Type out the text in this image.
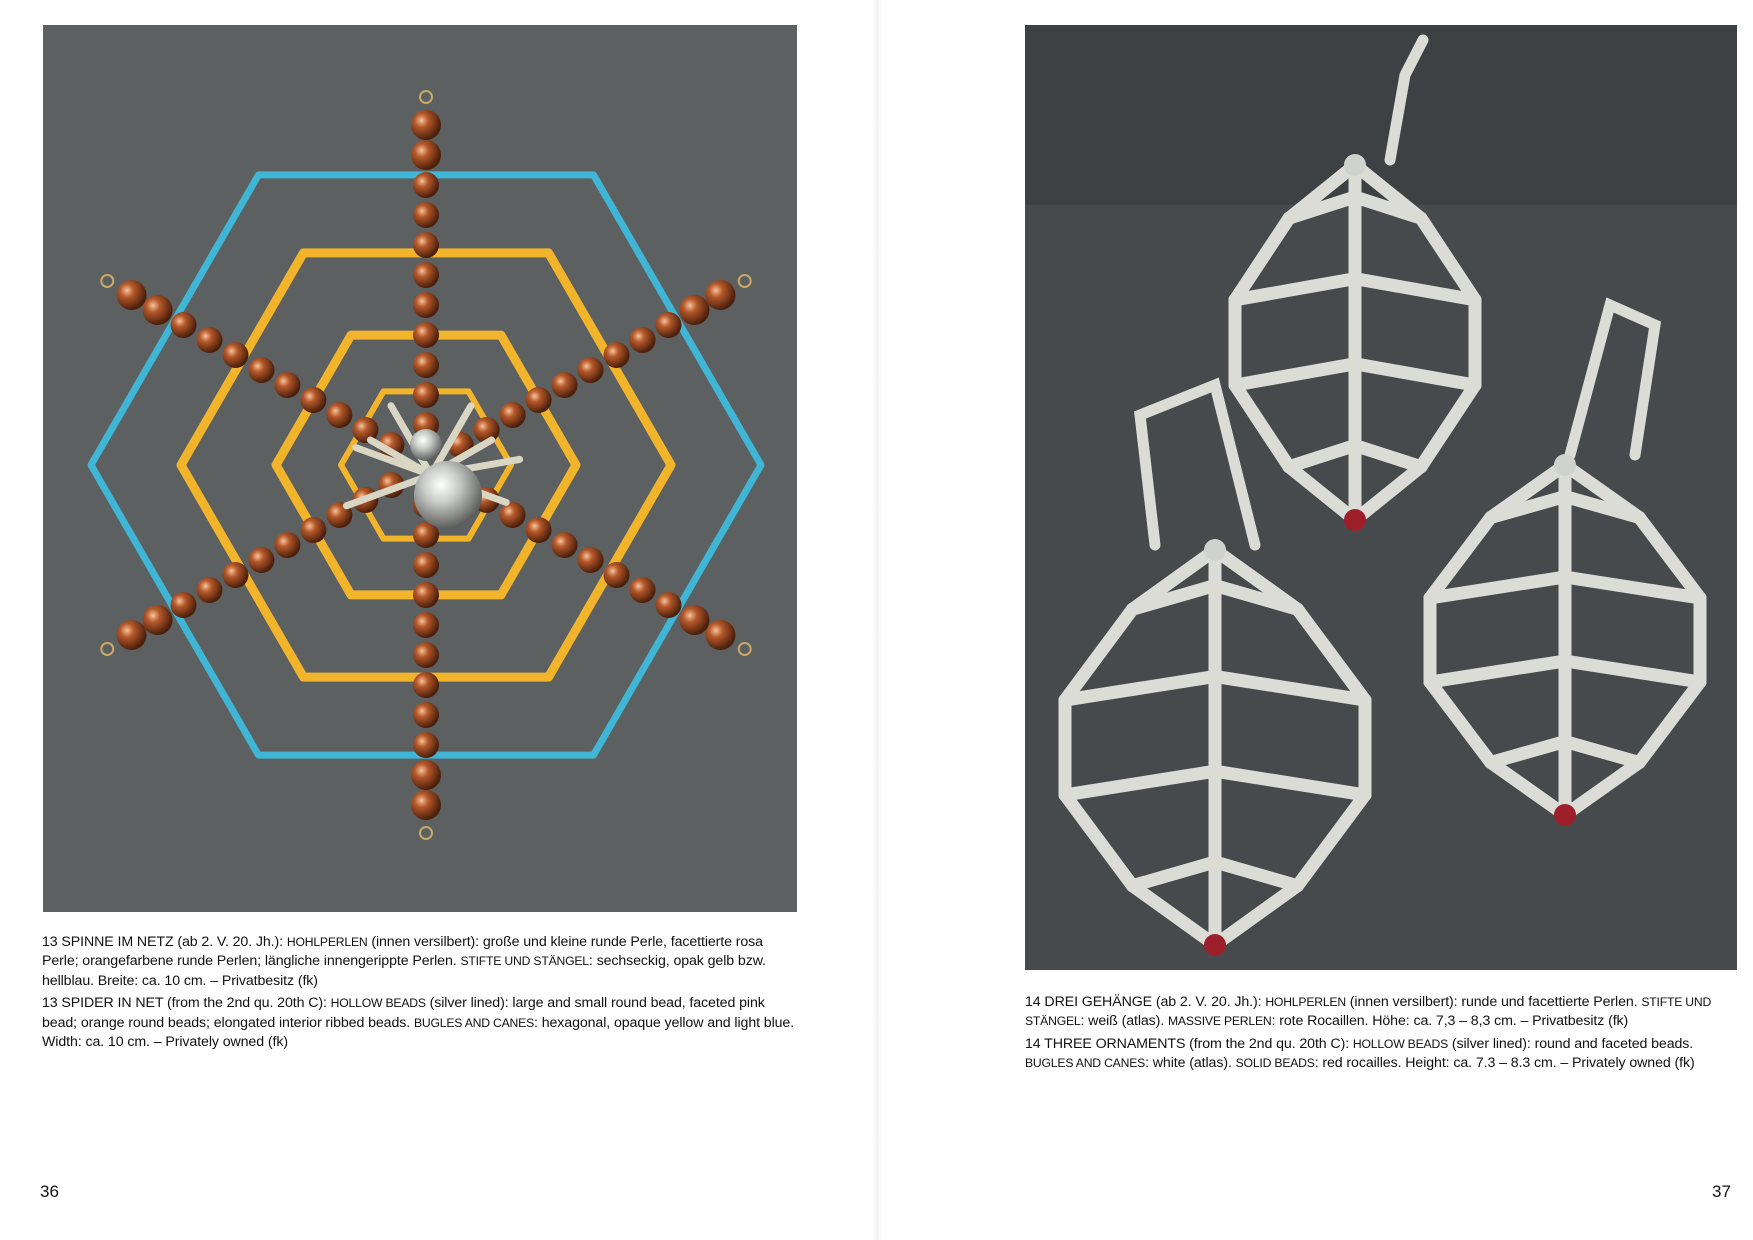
13 SPINNE IM NETZ (ab 2. V. 20. Jh.): HOHLPERLEN (innen versilbert): große und kleine runde Perle, facettierte rosa Perle; orangefarbene runde Perlen; längliche innengerippte Perlen. STIFTE UND STÄNGEL: sechseckig, opak gelb bzw. hellblau. Breite: ca. 10 cm. – Privatbesitz (fk)

13 SPIDER IN NET (from the 2nd qu. 20th C): HOLLOW BEADS (silver lined): large and small round bead, faceted pink bead; orange round beads; elongated interior ribbed beads. BUGLES AND CANES: hexagonal, opaque yellow and light blue. Width: ca. 10 cm. – Privately owned (fk)

36

14 DREI GEHÄNGE (ab 2. V. 20. Jh.): HOHLPERLEN (innen versilbert): runde und facettierte Perlen. STIFTE UND STÄNGEL: weiß (atlas). MASSIVE PERLEN: rote Rocaillen. Höhe: ca. 7,3 – 8,3 cm. – Privatbesitz (fk)

14 THREE ORNAMENTS (from the 2nd qu. 20th C): HOLLOW BEADS (silver lined): round and faceted beads. BUGLES AND CANES: white (atlas). SOLID BEADS: red rocailles. Height: ca. 7.3 – 8.3 cm. – Privately owned (fk)

37
